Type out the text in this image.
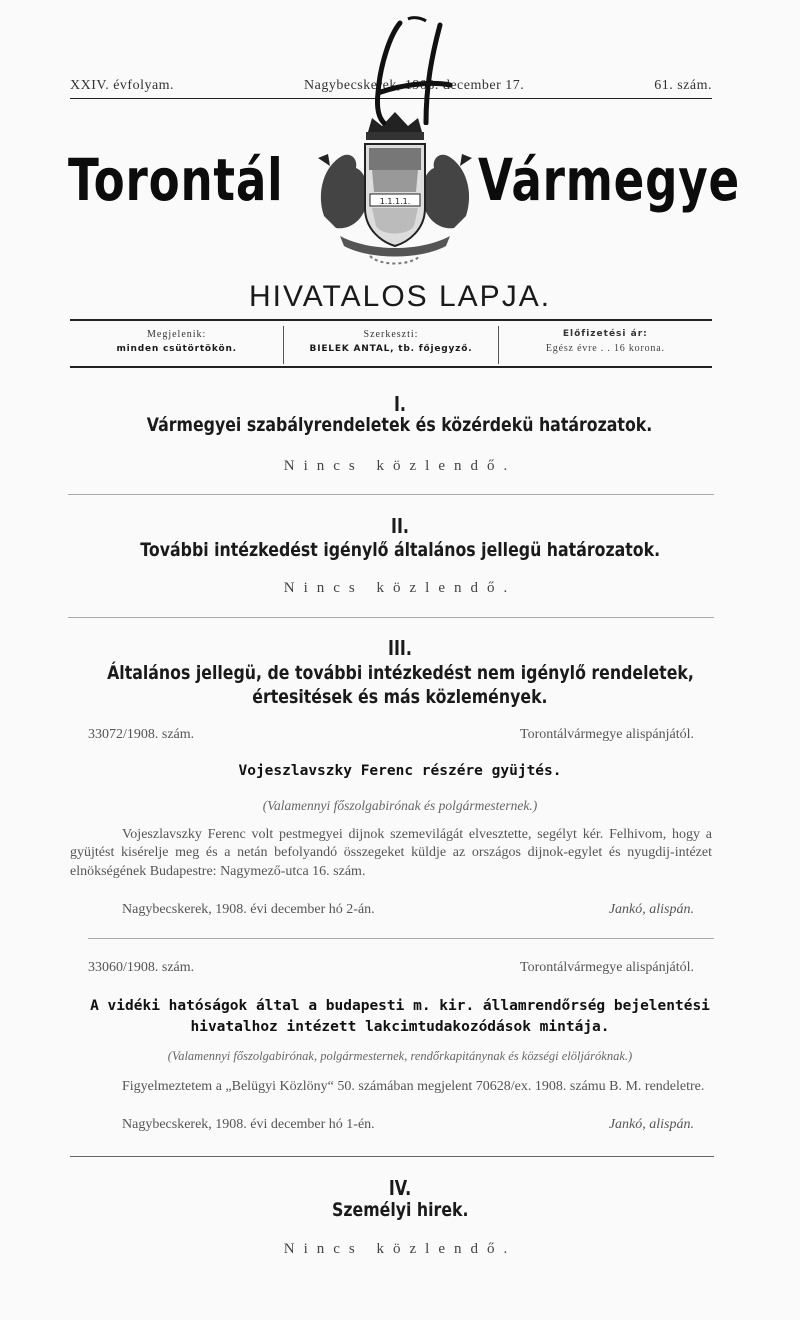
XXIV. évfolyam.	Nagybecskerek, 1908. december 17.	61. szám.
Torontál	Vármegye
1.1.1.1.
HIVATALOS LAPJA.
Megjelenik:
minden csütörtökön.
Szerkeszti:
BIELEK ANTAL, tb. főjegyző.
Előfizetési ár:
Egész évre . . 16 korona.
I.
Vármegyei szabályrendeletek és közérdekü határozatok.
Nincs közlendő.
II.
További intézkedést igénylő általános jellegü határozatok.
Nincs közlendő.
III.
Általános jellegü, de további intézkedést nem igénylő rendeletek,
értesitések és más közlemények.
33072/1908. szám.	Torontálvármegye alispánjától.
Vojeszlavszky Ferenc részére gyüjtés.
(Valamennyi főszolgabirónak és polgármesternek.)
Vojeszlavszky Ferenc volt pestmegyei dijnok szemevilágát elvesztette, segélyt kér. Felhivom, hogy a gyüjtést kisérelje meg és a netán befolyandó összegeket küldje az országos dijnok-egylet és nyugdij-intézet elnökségének Budapestre: Nagymező-utca 16. szám.
Nagybecskerek, 1908. évi december hó 2-án.	Jankó, alispán.
33060/1908. szám.	Torontálvármegye alispánjától.
A vidéki hatóságok által a budapesti m. kir. államrendőrség bejelentési
hivatalhoz intézett lakcimtudakozódások mintája.
(Valamennyi főszolgabirónak, polgármesternek, rendőrkapitánynak és községi elöljáróknak.)
Figyelmeztetem a „Belügyi Közlöny“ 50. számában megjelent 70628/ex. 1908. számu B. M. rendeletre.
Nagybecskerek, 1908. évi december hó 1-én.	Jankó, alispán.
IV.
Személyi hirek.
Nincs közlendő.
